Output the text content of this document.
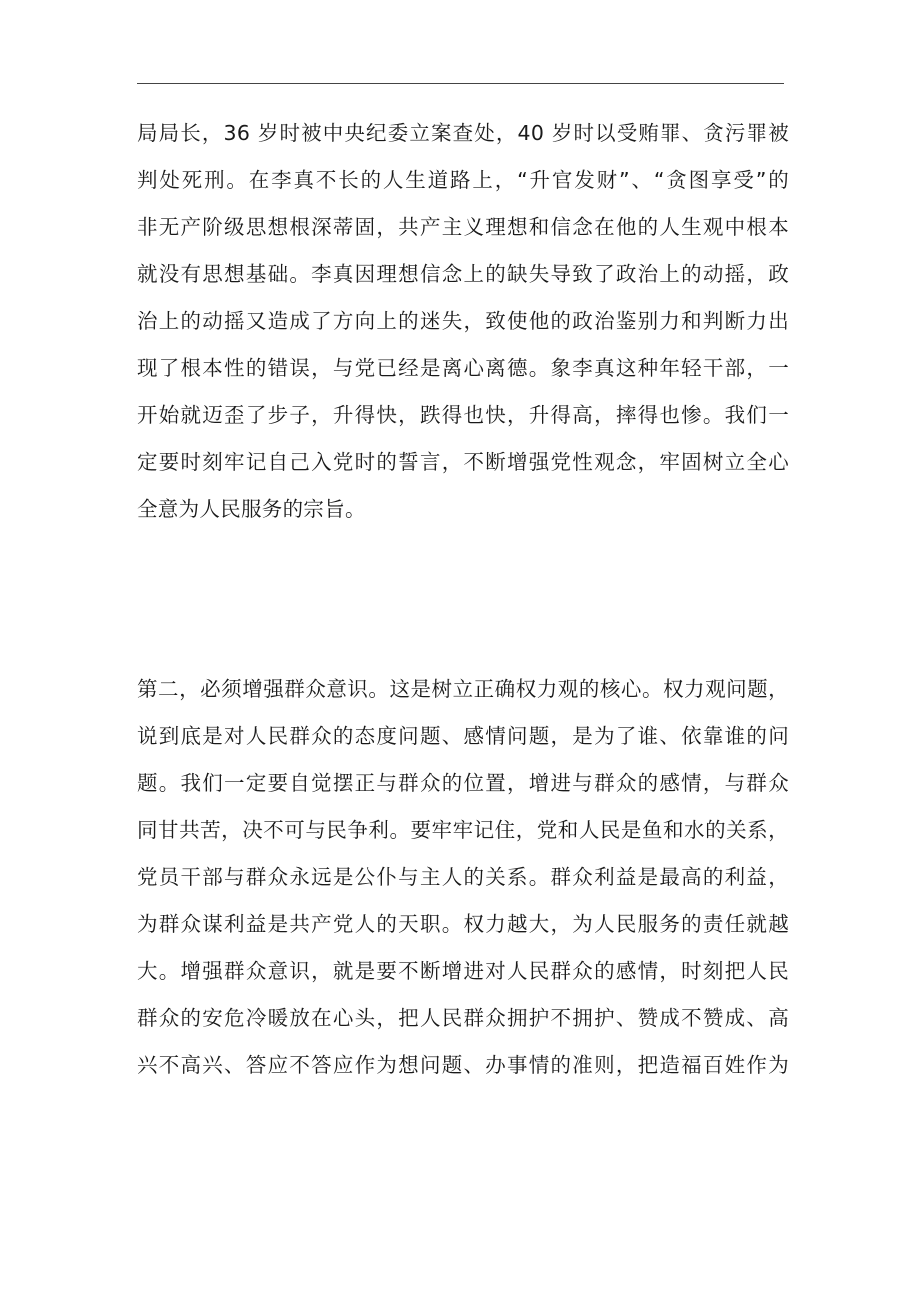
局局长，36 岁时被中央纪委立案查处，40 岁时以受贿罪、贪污罪被
判处死刑。在李真不长的人生道路上，“升官发财”、“贪图享受”的
非无产阶级思想根深蒂固，共产主义理想和信念在他的人生观中根本
就没有思想基础。李真因理想信念上的缺失导致了政治上的动摇，政
治上的动摇又造成了方向上的迷失，致使他的政治鉴别力和判断力出
现了根本性的错误，与党已经是离心离德。象李真这种年轻干部，一
开始就迈歪了步子，升得快，跌得也快，升得高，摔得也惨。我们一
定要时刻牢记自己入党时的誓言，不断增强党性观念，牢固树立全心
全意为人民服务的宗旨。
第二，必须增强群众意识。这是树立正确权力观的核心。权力观问题，
说到底是对人民群众的态度问题、感情问题，是为了谁、依靠谁的问
题。我们一定要自觉摆正与群众的位置，增进与群众的感情，与群众
同甘共苦，决不可与民争利。要牢牢记住，党和人民是鱼和水的关系，
党员干部与群众永远是公仆与主人的关系。群众利益是最高的利益，
为群众谋利益是共产党人的天职。权力越大，为人民服务的责任就越
大。增强群众意识，就是要不断增进对人民群众的感情，时刻把人民
群众的安危冷暖放在心头，把人民群众拥护不拥护、赞成不赞成、高
兴不高兴、答应不答应作为想问题、办事情的准则，把造福百姓作为
